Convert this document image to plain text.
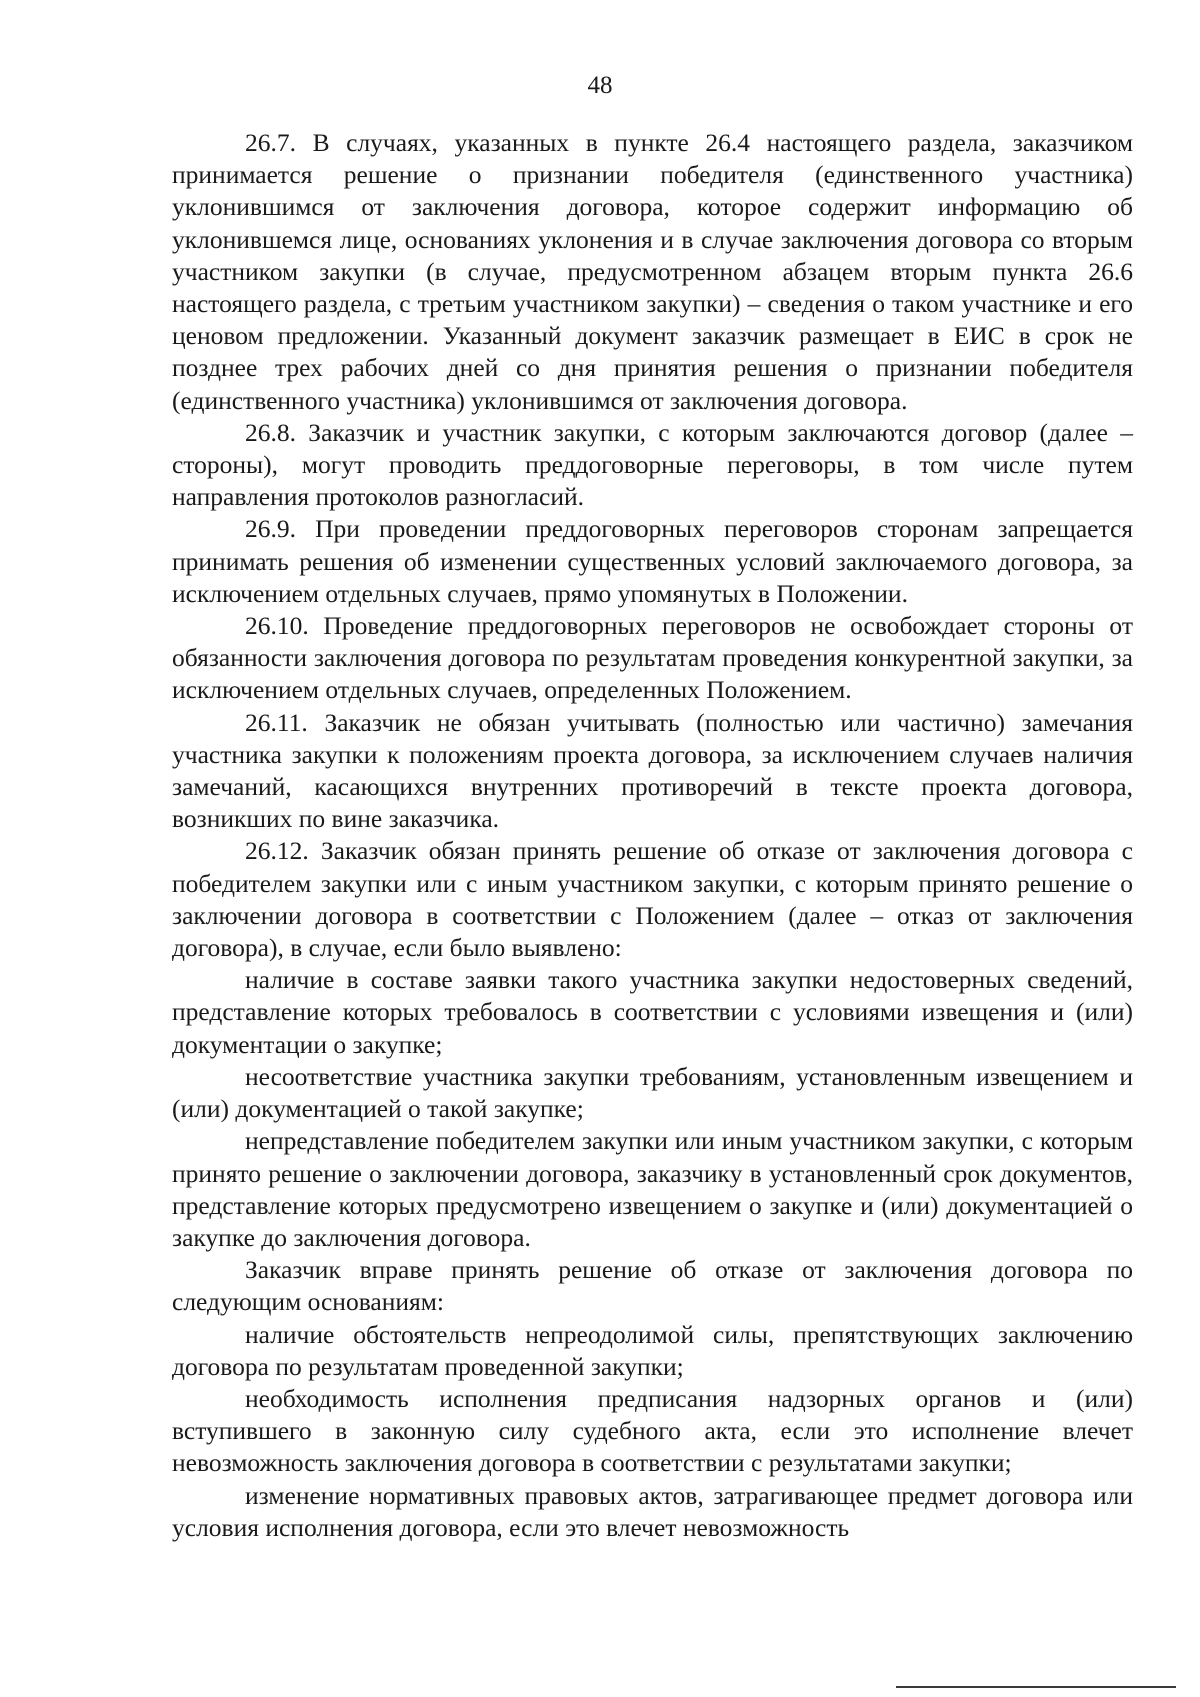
48

26.7. В случаях, указанных в пункте 26.4 настоящего раздела, заказчиком принимается решение о признании победителя (единственного участника) уклонившимся от заключения договора, которое содержит информацию об уклонившемся лице, основаниях уклонения и в случае заключения договора со вторым участником закупки (в случае, предусмотренном абзацем вторым пункта 26.6 настоящего раздела, с третьим участником закупки) – сведения о таком участнике и его ценовом предложении. Указанный документ заказчик размещает в ЕИС в срок не позднее трех рабочих дней со дня принятия решения о признании победителя (единственного участника) уклонившимся от заключения договора.

26.8. Заказчик и участник закупки, с которым заключаются договор (далее – стороны), могут проводить преддоговорные переговоры, в том числе путем направления протоколов разногласий.

26.9. При проведении преддоговорных переговоров сторонам запрещается принимать решения об изменении существенных условий заключаемого договора, за исключением отдельных случаев, прямо упомянутых в Положении.

26.10. Проведение преддоговорных переговоров не освобождает стороны от обязанности заключения договора по результатам проведения конкурентной закупки, за исключением отдельных случаев, определенных Положением.

26.11. Заказчик не обязан учитывать (полностью или частично) замечания участника закупки к положениям проекта договора, за исключением случаев наличия замечаний, касающихся внутренних противоречий в тексте проекта договора, возникших по вине заказчика.

26.12. Заказчик обязан принять решение об отказе от заключения договора с победителем закупки или с иным участником закупки, с которым принято решение о заключении договора в соответствии с Положением (далее – отказ от заключения договора), в случае, если было выявлено:

наличие в составе заявки такого участника закупки недостоверных сведений, представление которых требовалось в соответствии с условиями извещения и (или) документации о закупке;

несоответствие участника закупки требованиям, установленным извещением и (или) документацией о такой закупке;

непредставление победителем закупки или иным участником закупки, с которым принято решение о заключении договора, заказчику в установленный срок документов, представление которых предусмотрено извещением о закупке и (или) документацией о закупке до заключения договора.

Заказчик вправе принять решение об отказе от заключения договора по следующим основаниям:

наличие обстоятельств непреодолимой силы, препятствующих заключению договора по результатам проведенной закупки;

необходимость исполнения предписания надзорных органов и (или) вступившего в законную силу судебного акта, если это исполнение влечет невозможность заключения договора в соответствии с результатами закупки;

изменение нормативных правовых актов, затрагивающее предмет договора или условия исполнения договора, если это влечет невозможность
